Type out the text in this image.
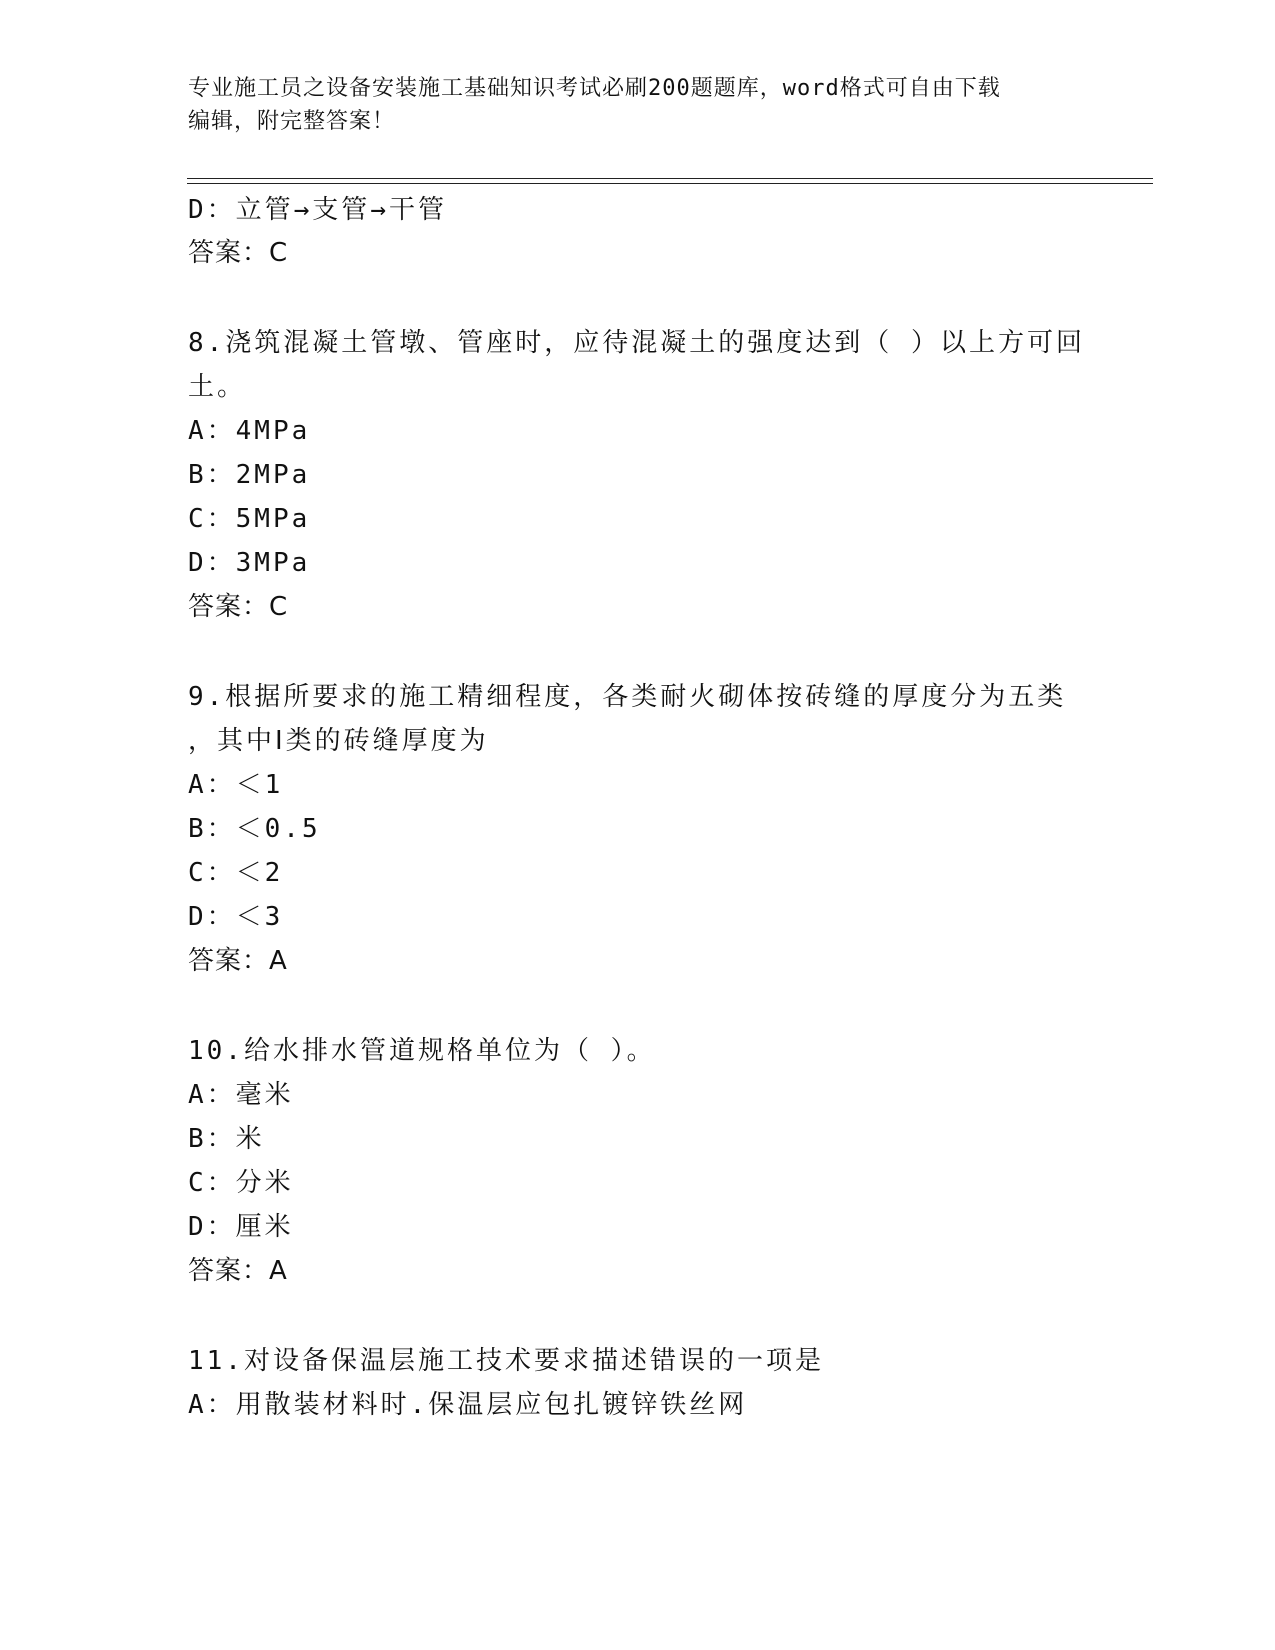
专业施工员之设备安装施工基础知识考试必刷200题题库，word格式可自由下载
编辑，附完整答案！
D：立管→支管→干管
答案：C
8.浇筑混凝土管墩、管座时，应待混凝土的强度达到（ ）以上方可回
土。
A：4MPa
B：2MPa
C：5MPa
D：3MPa
答案：C
9.根据所要求的施工精细程度，各类耐火砌体按砖缝的厚度分为五类
，其中Ⅰ类的砖缝厚度为
A：＜1
B：＜0.5
C：＜2
D：＜3
答案：A
10.给水排水管道规格单位为（ ）。
A：毫米
B：米
C：分米
D：厘米
答案：A
11.对设备保温层施工技术要求描述错误的一项是
A：用散装材料时.保温层应包扎镀锌铁丝网
